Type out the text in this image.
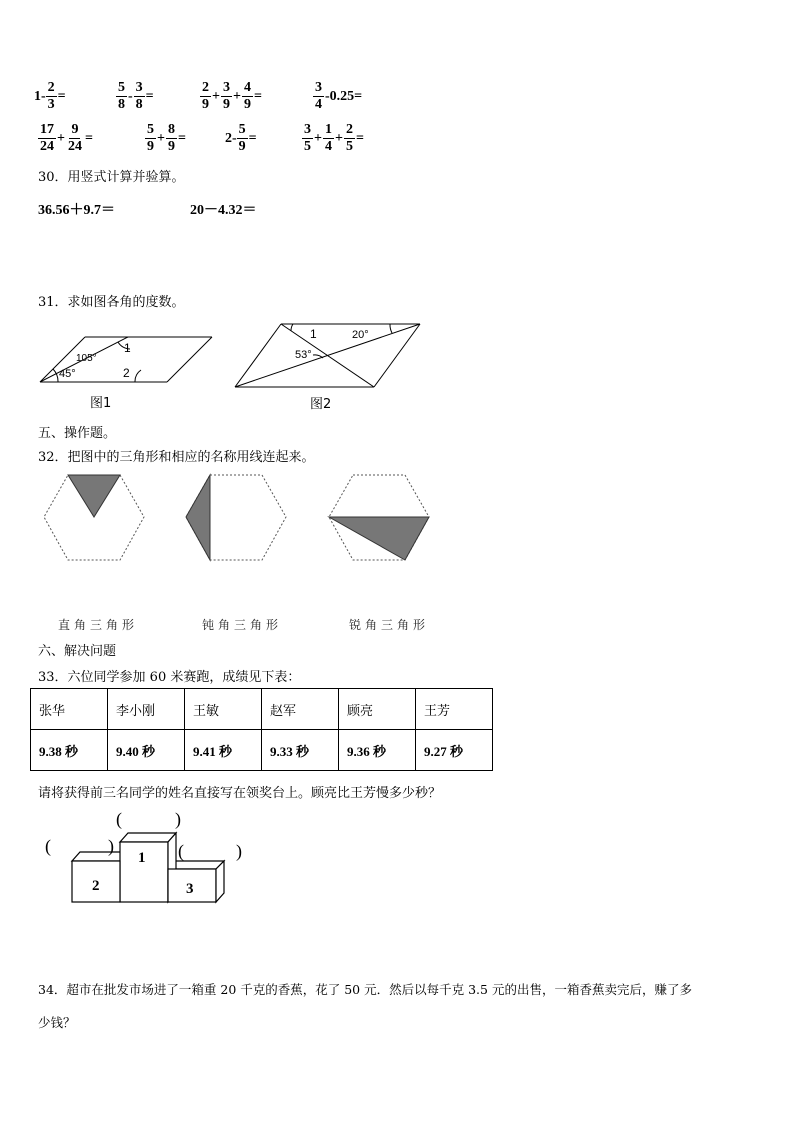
$1- \frac{2}{3}$ =	$\frac{5}{8} - \frac{3}{8}$ =	$\frac{2}{9} + \frac{3}{9} + \frac{4}{9}$ =	$\frac{3}{4} -0.25=$
$\frac{17}{24} + \frac{9}{24}$ =	$\frac{5}{9} + \frac{8}{9}$ =	$2- \frac{5}{9}$ =	$\frac{3}{5} + \frac{1}{4} + \frac{2}{5}$ =
30．用竖式计算并验算。
36.56＋9.7＝	20－4.32＝
31．求如图各角的度数。
105°
45°
1
2
图1
1	20°
53°
图2
五、操作题。
32．把图中的三角形和相应的名称用线连起来。
直角三角形	钝角三角形	锐角三角形
六、解决问题
33．六位同学参加 60 米赛跑，成绩见下表：
张华	李小刚	王敏	赵军	顾亮	王芳
9.38 秒	9.40 秒	9.41 秒	9.33 秒	9.36 秒	9.27 秒
请将获得前三名同学的姓名直接写在领奖台上。顾亮比王芳慢多少秒？
1
2	3
(	)
(	)	(	)
34．超市在批发市场进了一箱重 20 千克的香蕉，花了 50 元．然后以每千克 3.5 元的出售，一箱香蕉卖完后，赚了多
少钱？
